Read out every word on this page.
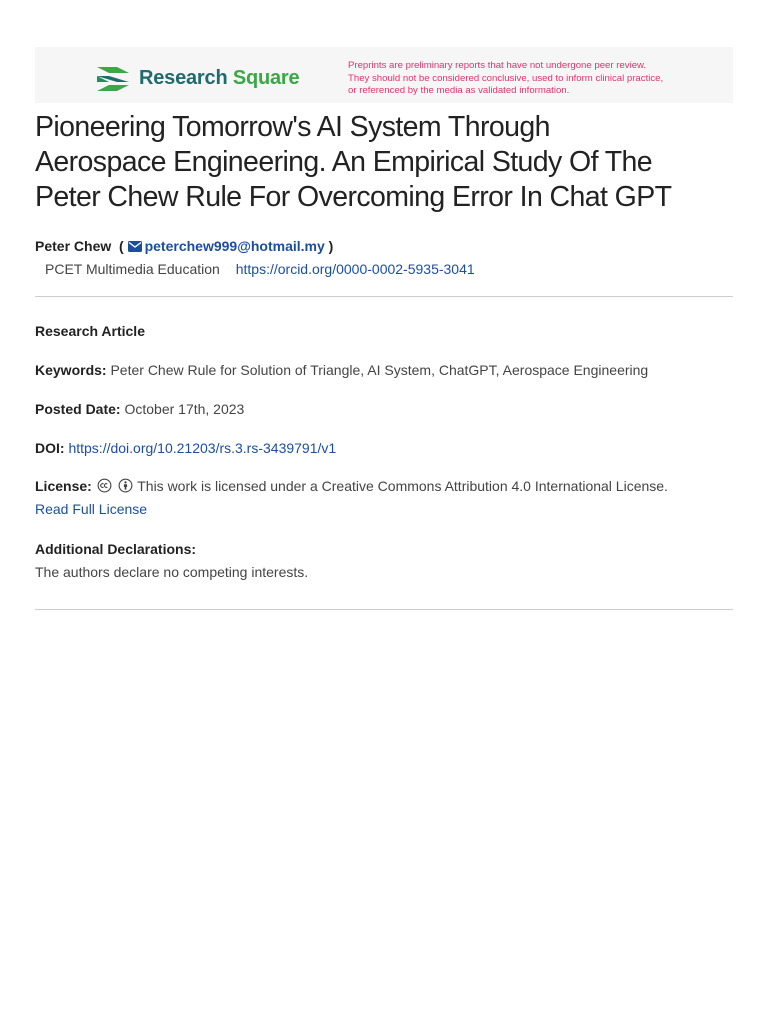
Research Square
Preprints are preliminary reports that have not undergone peer review.
They should not be considered conclusive, used to inform clinical practice,
or referenced by the media as validated information.
Pioneering Tomorrow's AI System Through
Aerospace Engineering. An Empirical Study Of The
Peter Chew Rule For Overcoming Error In Chat GPT
Peter Chew ( peterchew999@hotmail.my )
PCET Multimedia Education https://orcid.org/0000-0002-5935-3041
Research Article
Keywords: Peter Chew Rule for Solution of Triangle, AI System, ChatGPT, Aerospace Engineering
Posted Date: October 17th, 2023
DOI: https://doi.org/10.21203/rs.3.rs-3439791/v1
License:	This work is licensed under a Creative Commons Attribution 4.0 International License.
Read Full License
Additional Declarations:
The authors declare no competing interests.
